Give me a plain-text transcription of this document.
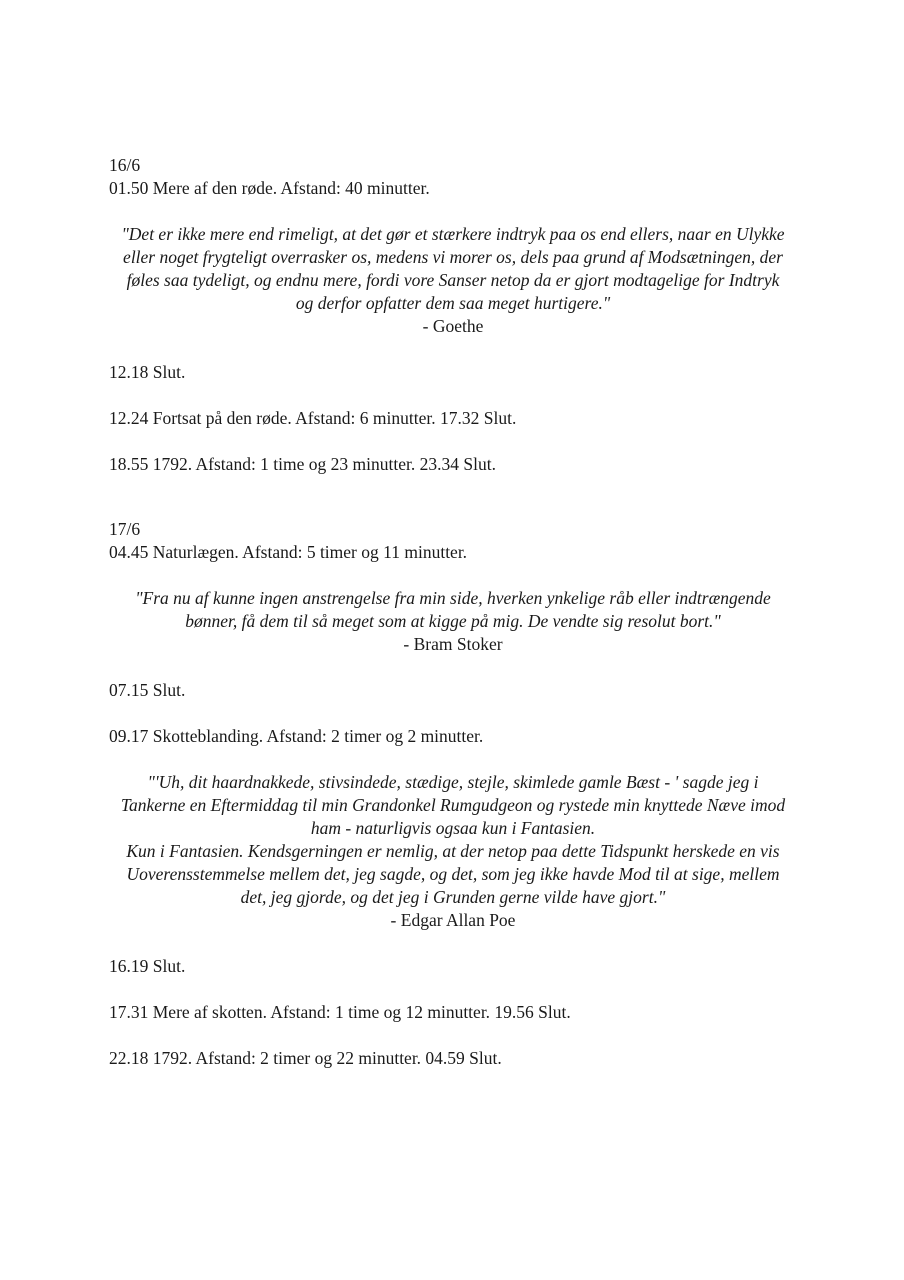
16/6

01.50 Mere af den røde. Afstand: 40 minutter.

"Det er ikke mere end rimeligt, at det gør et stærkere indtryk paa os end ellers, naar en Ulykke
eller noget frygteligt overrasker os, medens vi morer os, dels paa grund af Modsætningen, der
føles saa tydeligt, og endnu mere, fordi vore Sanser netop da er gjort modtagelige for Indtryk
og derfor opfatter dem saa meget hurtigere."
- Goethe

12.18 Slut.

12.24 Fortsat på den røde. Afstand: 6 minutter. 17.32 Slut.

18.55 1792. Afstand: 1 time og 23 minutter. 23.34 Slut.

17/6

04.45 Naturlægen. Afstand: 5 timer og 11 minutter.

"Fra nu af kunne ingen anstrengelse fra min side, hverken ynkelige råb eller indtrængende
bønner, få dem til så meget som at kigge på mig. De vendte sig resolut bort."
- Bram Stoker

07.15 Slut.

09.17 Skotteblanding. Afstand: 2 timer og 2 minutter.

"'Uh, dit haardnakkede, stivsindede, stædige, stejle, skimlede gamle Bæst - ' sagde jeg i
Tankerne en Eftermiddag til min Grandonkel Rumgudgeon og rystede min knyttede Næve imod
ham - naturligvis ogsaa kun i Fantasien.
Kun i Fantasien. Kendsgerningen er nemlig, at der netop paa dette Tidspunkt herskede en vis
Uoverensstemmelse mellem det, jeg sagde, og det, som jeg ikke havde Mod til at sige, mellem
det, jeg gjorde, og det jeg i Grunden gerne vilde have gjort."
- Edgar Allan Poe

16.19 Slut.

17.31 Mere af skotten. Afstand: 1 time og 12 minutter. 19.56 Slut.

22.18 1792. Afstand: 2 timer og 22 minutter. 04.59 Slut.
